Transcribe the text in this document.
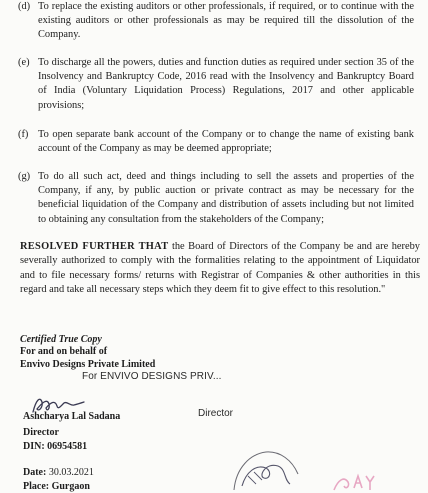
(d) To replace the existing auditors or other professionals, if required, or to continue with the existing auditors or other professionals as may be required till the dissolution of the Company.

(e) To discharge all the powers, duties and function duties as required under section 35 of the Insolvency and Bankruptcy Code, 2016 read with the Insolvency and Bankruptcy Board of India (Voluntary Liquidation Process) Regulations, 2017 and other applicable provisions;

(f) To open separate bank account of the Company or to change the name of existing bank account of the Company as may be deemed appropriate;

(g) To do all such act, deed and things including to sell the assets and properties of the Company, if any, by public auction or private contract as may be necessary for the beneficial liquidation of the Company and distribution of assets including but not limited to obtaining any consultation from the stakeholders of the Company;

RESOLVED FURTHER THAT the Board of Directors of the Company be and are hereby severally authorized to comply with the formalities relating to the appointment of Liquidator and to file necessary forms/ returns with Registrar of Companies & other authorities in this regard and take all necessary steps which they deem fit to give effect to this resolution."

Certified True Copy
For and on behalf of
Envivo Designs Private Limited
For ENVIVO DESIGNS PRIV...
Director
Ashcharya Lal Sadana
Director
DIN: 06954581
Date: 30.03.2021
Place: Gurgaon
